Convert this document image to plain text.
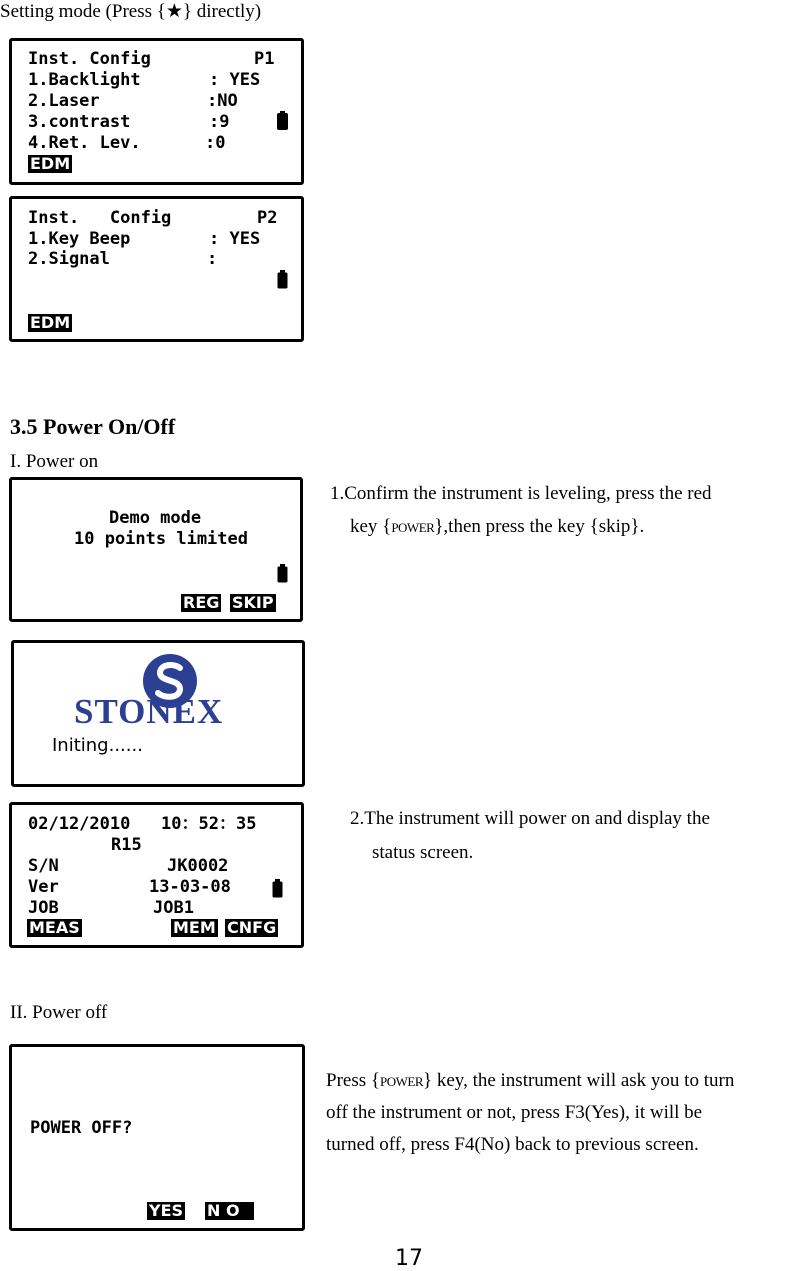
Setting mode (Press {★} directly)
Inst. Config	P1
1.Backlight	: YES
2.Laser	:NO
3.contrast	:9
4.Ret. Lev.	:0
EDM
Inst.   Config	P2
1.Key Beep	: YES
2.Signal	:
EDM
3.5 Power On/Off
I. Power on
Demo mode
10 points limited
REG SKIP
1.Confirm the instrument is leveling, press the red
key {POWER},then press the key {skip}.
STONEX
Initing......
02/12/2010   10：52：35
R15
S/N	JK0002
Ver	13-03-08
JOB	JOB1
MEAS	MEM CNFG
2.The instrument will power on and display the
status screen.
II. Power off
POWER OFF?
YES N O
Press {POWER} key, the instrument will ask you to turn
off the instrument or not, press F3(Yes), it will be
turned off, press F4(No) back to previous screen.
17
